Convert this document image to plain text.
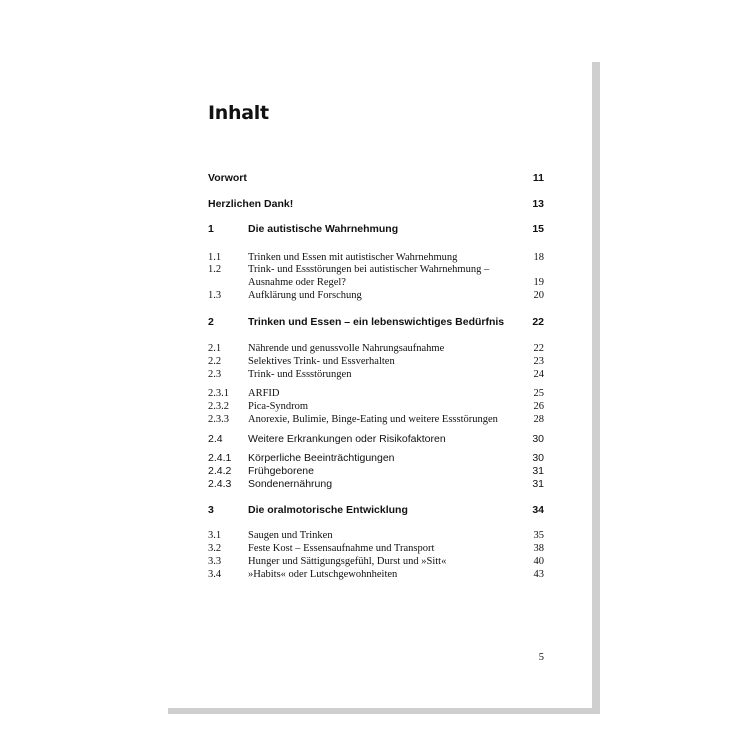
Inhalt
Vorwort	11
Herzlichen Dank!	13
1	Die autistische Wahrnehmung	15
1.1	Trinken und Essen mit autistischer Wahrnehmung	18
1.2	Trink- und Essstörungen bei autistischer Wahrnehmung –
Ausnahme oder Regel?	19
1.3	Aufklärung und Forschung	20
2	Trinken und Essen – ein lebenswichtiges Bedürfnis	22
2.1	Nährende und genussvolle Nahrungsaufnahme	22
2.2	Selektives Trink- und Essverhalten	23
2.3	Trink- und Essstörungen	24
2.3.1 ARFID	25
2.3.2 Pica-Syndrom	26
2.3.3 Anorexie, Bulimie, Binge-Eating und weitere Essstörungen	28
2.4 Weitere Erkrankungen oder Risikofaktoren	30
2.4.1 Körperliche Beeinträchtigungen	30
2.4.2 Frühgeborene	31
2.4.3 Sondenernährung	31
3	Die oralmotorische Entwicklung	34
3.1	Saugen und Trinken	35
3.2	Feste Kost – Essensaufnahme und Transport	38
3.3	Hunger und Sättigungsgefühl, Durst und »Sitt«	40
3.4	»Habits« oder Lutschgewohnheiten	43
5
